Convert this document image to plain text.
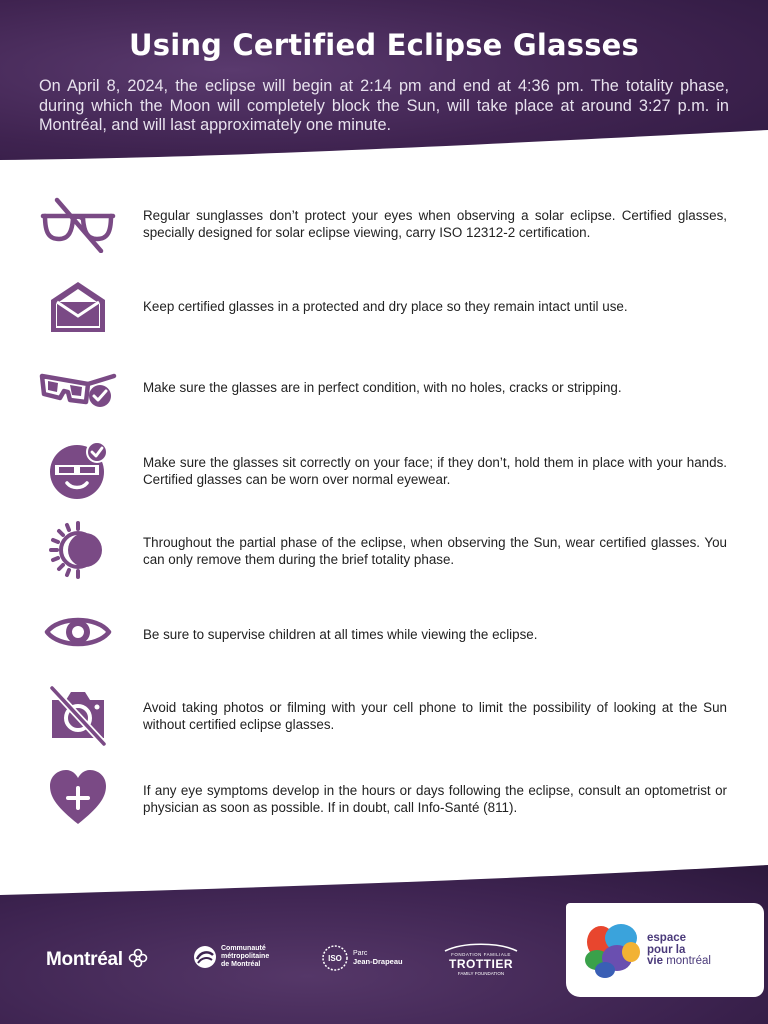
Using Certified Eclipse Glasses

On April 8, 2024, the eclipse will begin at 2:14 pm and end at 4:36 pm. The totality phase, during which the Moon will completely block the Sun, will take place at around 3:27 p.m. in Montréal, and will last approximately one minute.

Regular sunglasses don’t protect your eyes when observing a solar eclipse. Certified glasses, specially designed for solar eclipse viewing, carry ISO 12312-2 certification.

Keep certified glasses in a protected and dry place so they remain intact until use.

Make sure the glasses are in perfect condition, with no holes, cracks or stripping.

Make sure the glasses sit correctly on your face; if they don’t, hold them in place with your hands. Certified glasses can be worn over normal eyewear.

Throughout the partial phase of the eclipse, when observing the Sun, wear certified glasses. You can only remove them during the brief totality phase.

Be sure to supervise children at all times while viewing the eclipse.

Avoid taking photos or filming with your cell phone to limit the possibility of looking at the Sun without certified eclipse glasses.

If any eye symptoms develop in the hours or days following the eclipse, consult an optometrist or physician as soon as possible. If in doubt, call Info-Santé (811).

Montréal
Communauté
métropolitaine
de Montréal
ISO
Parc
Jean-Drapeau
FONDATION FAMILIALE
TROTTIER
FAMILY FOUNDATION
espace
pour la
vie montréal
